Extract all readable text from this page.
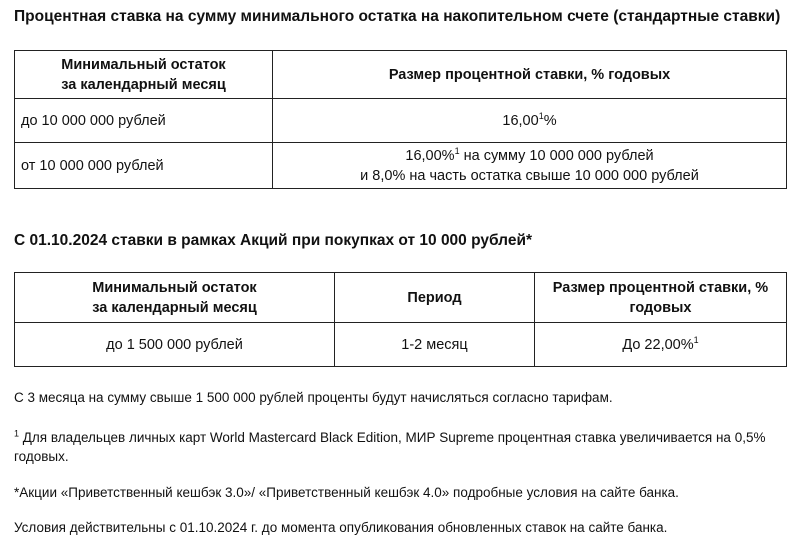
Процентная ставка на сумму минимального остатка на накопительном счете (стандартные ставки)
Минимальный остаток
за календарный месяц	Размер процентной ставки, % годовых
до 10 000 000 рублей	16,00$^1$%
от 10 000 000 рублей	16,00%$^1$ на сумму 10 000 000 рублей
и 8,0% на часть остатка свыше 10 000 000 рублей
С 01.10.2024 ставки в рамках Акций при покупках от 10 000 рублей*
Минимальный остаток
за календарный месяц	Период	Размер процентной ставки, %
годовых
до 1 500 000 рублей	1-2 месяц	До 22,00%$^1$
С 3 месяца на сумму свыше 1 500 000 рублей проценты будут начисляться согласно тарифам.
$^1$ Для владельцев личных карт World Mastercard Black Edition, МИР Supreme процентная ставка увеличивается на 0,5%
годовых.
*Акции «Приветственный кешбэк 3.0»/ «Приветственный кешбэк 4.0» подробные условия на сайте банка.
Условия действительны с 01.10.2024 г. до момента опубликования обновленных ставок на сайте банка.
